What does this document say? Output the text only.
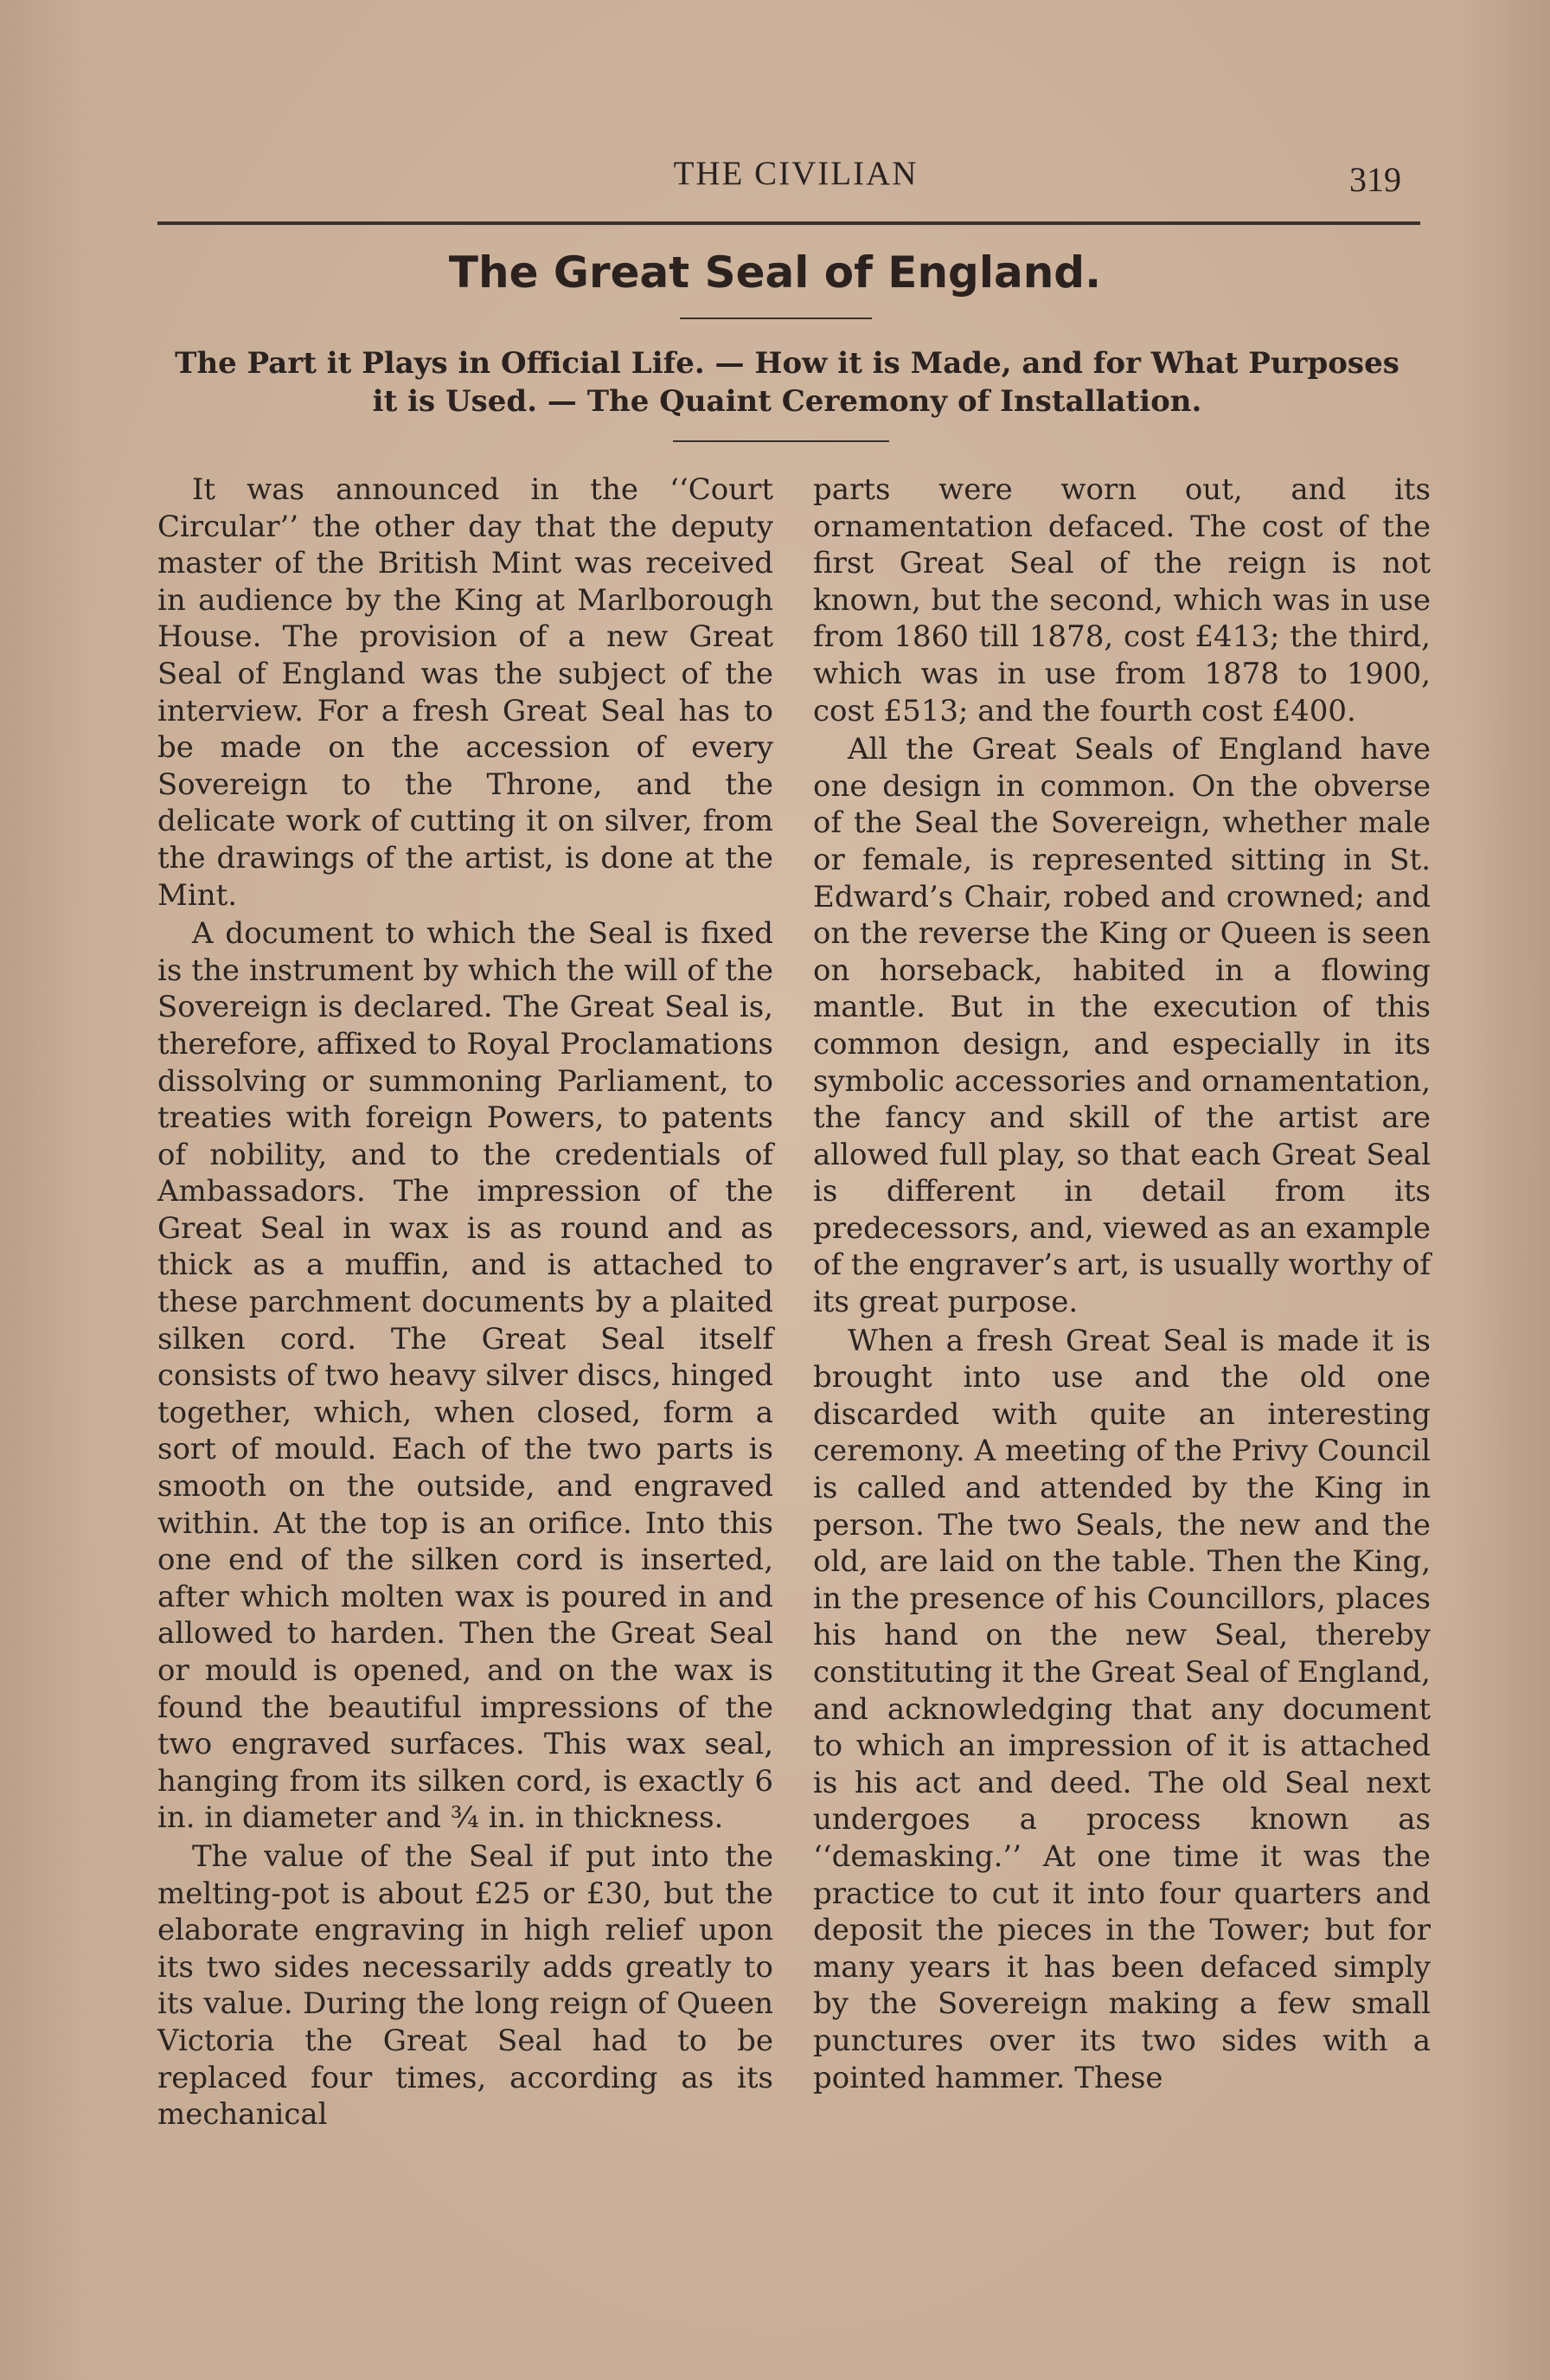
THE CIVILIAN	319
The Great Seal of England.
The Part it Plays in Official Life. — How it is Made, and for What Purposes it is Used. — The Quaint Ceremony of Installation.

It was announced in the ‘‘Court Circular’’ the other day that the deputy master of the British Mint was received in audience by the King at Marlborough House. The provision of a new Great Seal of England was the subject of the interview. For a fresh Great Seal has to be made on the accession of every Sovereign to the Throne, and the delicate work of cutting it on silver, from the drawings of the artist, is done at the Mint.

A document to which the Seal is fixed is the instrument by which the will of the Sovereign is declared. The Great Seal is, therefore, affixed to Royal Proclamations dissolving or summoning Parliament, to treaties with foreign Powers, to patents of nobility, and to the credentials of Ambassadors. The impression of the Great Seal in wax is as round and as thick as a muffin, and is attached to these parchment documents by a plaited silken cord. The Great Seal itself consists of two heavy silver discs, hinged together, which, when closed, form a sort of mould. Each of the two parts is smooth on the outside, and engraved within. At the top is an orifice. Into this one end of the silken cord is inserted, after which molten wax is poured in and allowed to harden. Then the Great Seal or mould is opened, and on the wax is found the beautiful impressions of the two engraved surfaces. This wax seal, hanging from its silken cord, is exactly 6 in. in diameter and ¾ in. in thickness.

The value of the Seal if put into the melting-pot is about £25 or £30, but the elaborate engraving in high relief upon its two sides necessarily adds greatly to its value. During the long reign of Queen Victoria the Great Seal had to be replaced four times, according as its mechanical

parts were worn out, and its ornamentation defaced. The cost of the first Great Seal of the reign is not known, but the second, which was in use from 1860 till 1878, cost £413; the third, which was in use from 1878 to 1900, cost £513; and the fourth cost £400.

All the Great Seals of England have one design in common. On the obverse of the Seal the Sovereign, whether male or female, is represented sitting in St. Edward’s Chair, robed and crowned; and on the reverse the King or Queen is seen on horseback, habited in a flowing mantle. But in the execution of this common design, and especially in its symbolic accessories and ornamentation, the fancy and skill of the artist are allowed full play, so that each Great Seal is different in detail from its predecessors, and, viewed as an example of the engraver’s art, is usually worthy of its great purpose.

When a fresh Great Seal is made it is brought into use and the old one discarded with quite an interesting ceremony. A meeting of the Privy Council is called and attended by the King in person. The two Seals, the new and the old, are laid on the table. Then the King, in the presence of his Councillors, places his hand on the new Seal, thereby constituting it the Great Seal of England, and acknowledging that any document to which an impression of it is attached is his act and deed. The old Seal next undergoes a process known as ‘‘demasking.’’ At one time it was the practice to cut it into four quarters and deposit the pieces in the Tower; but for many years it has been defaced simply by the Sovereign making a few small punctures over its two sides with a pointed hammer. These
